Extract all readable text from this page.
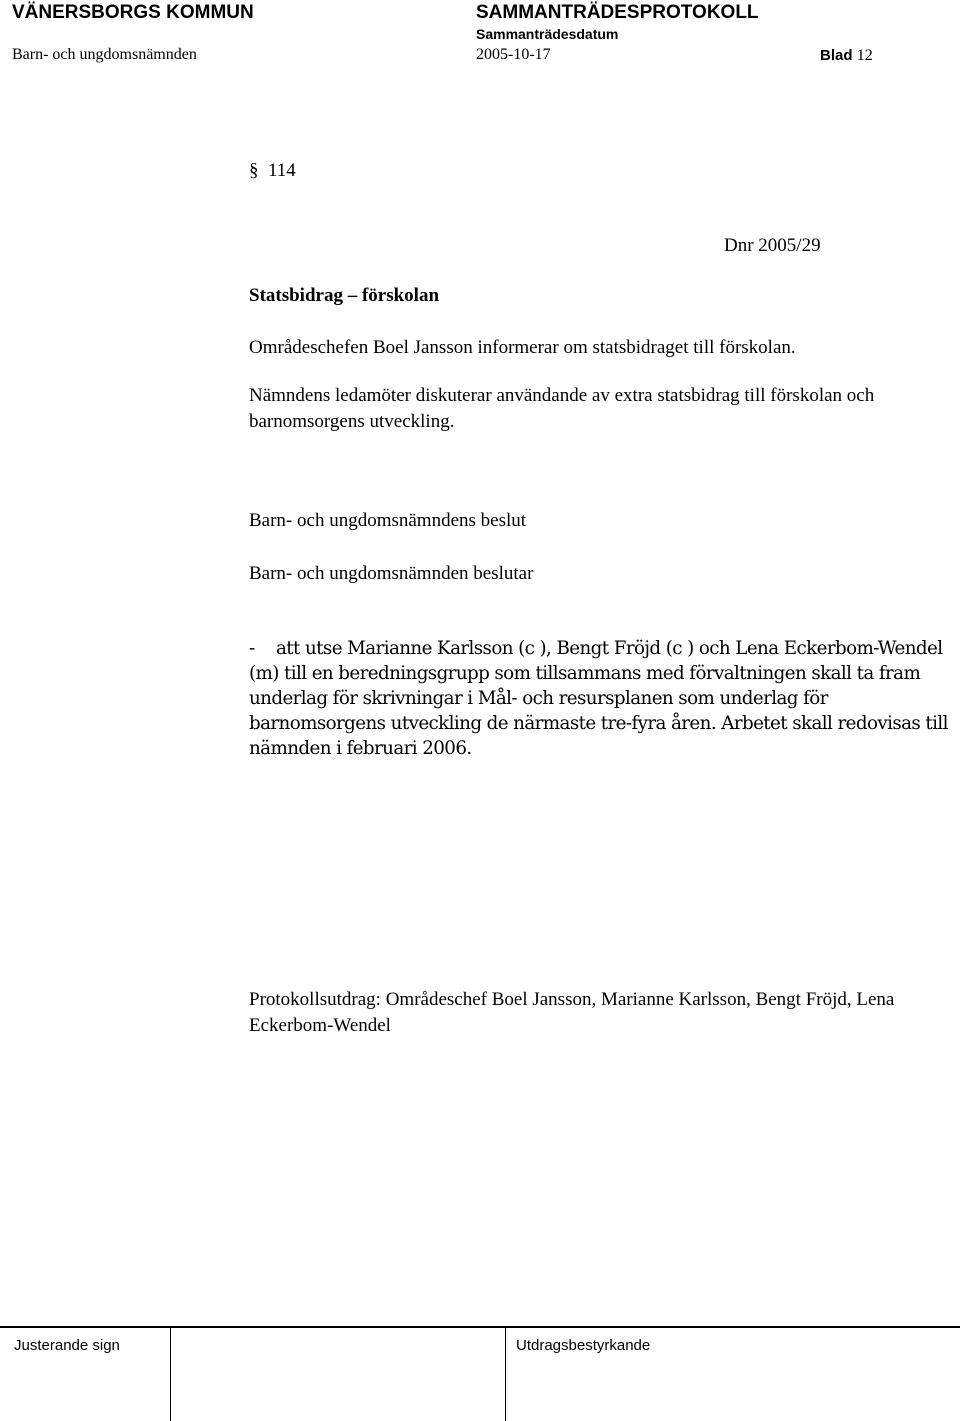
VÄNERSBORGS KOMMUN	SAMMANTRÄDESPROTOKOLL
Sammanträdesdatum
Barn- och ungdomsnämnden	2005-10-17	Blad 12
§ 114
Dnr 2005/29
Statsbidrag – förskolan
Områdeschefen Boel Jansson informerar om statsbidraget till förskolan.
Nämndens ledamöter diskuterar användande av extra statsbidrag till förskolan och barnomsorgens utveckling.
Barn- och ungdomsnämndens beslut
Barn- och ungdomsnämnden beslutar
- att utse Marianne Karlsson (c ), Bengt Fröjd (c ) och Lena Eckerbom-Wendel (m) till en beredningsgrupp som tillsammans med förvaltningen skall ta fram underlag för skrivningar i Mål- och resursplanen som underlag för barnomsorgens utveckling de närmaste tre-fyra åren. Arbetet skall redovisas till nämnden i februari 2006.
Protokollsutdrag: Områdeschef Boel Jansson, Marianne Karlsson, Bengt Fröjd, Lena Eckerbom-Wendel
Justerande sign	Utdragsbestyrkande
